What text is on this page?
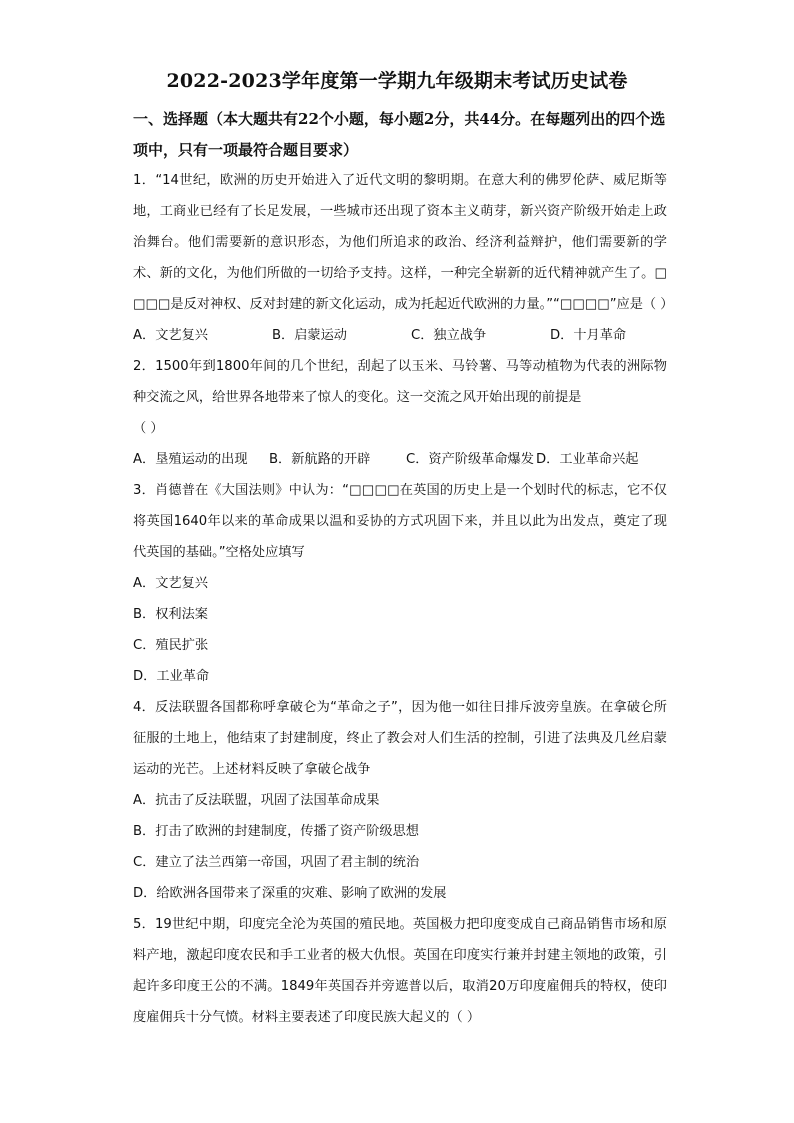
2022-2023学年度第一学期九年级期末考试历史试卷
一、选择题（本大题共有22个小题，每小题2分，共44分。在每题列出的四个选项中，只有一项最符合题目要求）

1．“14世纪，欧洲的历史开始进入了近代文明的黎明期。在意大利的佛罗伦萨、威尼斯等地，工商业已经有了长足发展，一些城市还出现了资本主义萌芽，新兴资产阶级开始走上政治舞台。他们需要新的意识形态，为他们所追求的政治、经济利益辩护，他们需要新的学术、新的文化，为他们所做的一切给予支持。这样，一种完全崭新的近代精神就产生了。□□□□是反对神权、反对封建的新文化运动，成为托起近代欧洲的力量。”“□□□□”应是（ ）

A．文艺复兴	B．启蒙运动	C．独立战争	D．十月革命

2．1500年到1800年间的几个世纪，刮起了以玉米、马铃薯、马等动植物为代表的洲际物种交流之风，给世界各地带来了惊人的变化。这一交流之风开始出现的前提是

（ ）

A．垦殖运动的出现	B．新航路的开辟	C．资产阶级革命爆发 D．工业革命兴起

3．肖德普在《大国法则》中认为：“□□□□在英国的历史上是一个划时代的标志，它不仅将英国1640年以来的革命成果以温和妥协的方式巩固下来，并且以此为出发点，奠定了现代英国的基础。”空格处应填写

A．文艺复兴

B．权利法案

C．殖民扩张

D．工业革命

4．反法联盟各国都称呼拿破仑为“革命之子”，因为他一如往日排斥波旁皇族。在拿破仑所征服的土地上，他结束了封建制度，终止了教会对人们生活的控制，引进了法典及几丝启蒙运动的光芒。上述材料反映了拿破仑战争

A．抗击了反法联盟，巩固了法国革命成果

B．打击了欧洲的封建制度，传播了资产阶级思想

C．建立了法兰西第一帝国，巩固了君主制的统治

D．给欧洲各国带来了深重的灾难、影响了欧洲的发展

5．19世纪中期，印度完全沦为英国的殖民地。英国极力把印度变成自己商品销售市场和原料产地，激起印度农民和手工业者的极大仇恨。英国在印度实行兼并封建主领地的政策，引起许多印度王公的不满。1849年英国吞并旁遮普以后，取消20万印度雇佣兵的特权，使印度雇佣兵十分气愤。材料主要表述了印度民族大起义的（ ）
